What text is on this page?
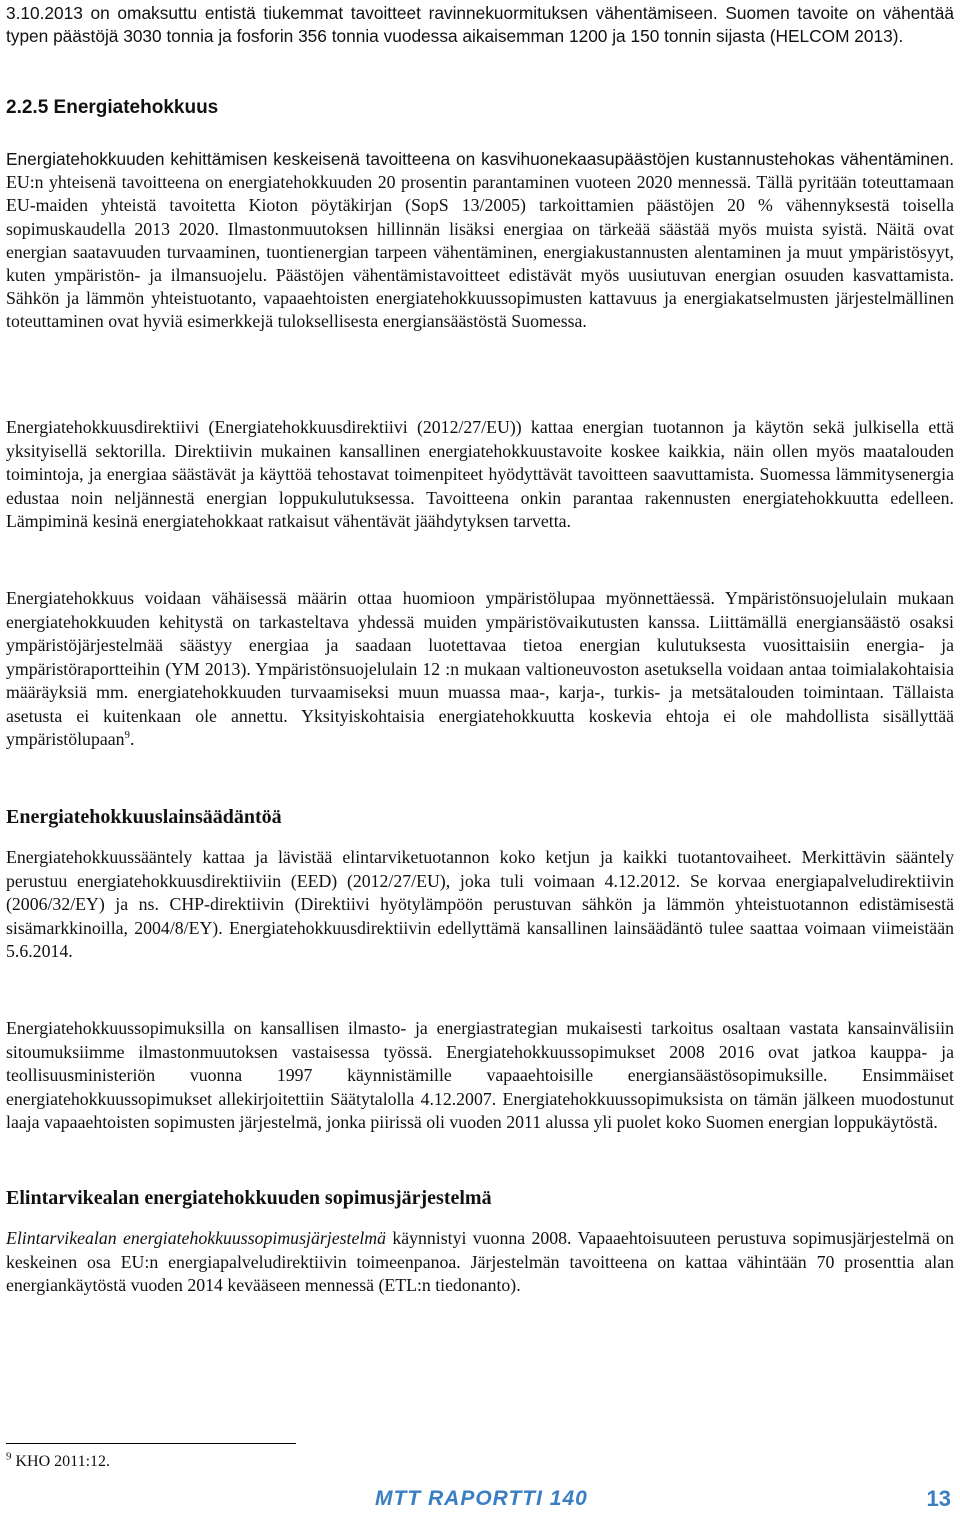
3.10.2013 on omaksuttu entistä tiukemmat tavoitteet ravinnekuormituksen vähentämiseen. Suomen tavoite on vähentää typen päästöjä 3030 tonnia ja fosforin 356 tonnia vuodessa aikaisemman 1200 ja 150 tonnin sijasta (HELCOM 2013).
2.2.5 Energiatehokkuus
Energiatehokkuuden kehittämisen keskeisenä tavoitteena on kasvihuonekaasupäästöjen kustannustehokas vähentäminen. EU:n yhteisenä tavoitteena on energiatehokkuuden 20 prosentin parantaminen vuoteen 2020 mennessä. Tällä pyritään toteuttamaan EU-maiden yhteistä tavoitetta Kioton pöytäkirjan (SopS 13/2005) tarkoittamien päästöjen 20 % vähennyksestä toisella sopimuskaudella 2013 2020. Ilmastonmuutoksen hillinnän lisäksi energiaa on tärkeää säästää myös muista syistä. Näitä ovat energian saatavuuden turvaaminen, tuontienergian tarpeen vähentäminen, energiakustannusten alentaminen ja muut ympäristösyyt, kuten ympäristön- ja ilmansuojelu. Päästöjen vähentämistavoitteet edistävät myös uusiutuvan energian osuuden kasvattamista. Sähkön ja lämmön yhteistuotanto, vapaaehtoisten energiatehokkuussopimusten kattavuus ja energiakatselmusten järjestelmällinen toteuttaminen ovat hyviä esimerkkejä tuloksellisesta energiansäästöstä Suomessa.
Energiatehokkuusdirektiivi (Energiatehokkuusdirektiivi (2012/27/EU)) kattaa energian tuotannon ja käytön sekä julkisella että yksityisellä sektorilla. Direktiivin mukainen kansallinen energiatehokkuustavoite koskee kaikkia, näin ollen myös maatalouden toimintoja, ja energiaa säästävät ja käyttöä tehostavat toimenpiteet hyödyttävät tavoitteen saavuttamista. Suomessa lämmitysenergia edustaa noin neljännestä energian loppukulutuksessa. Tavoitteena onkin parantaa rakennusten energiatehokkuutta edelleen. Lämpiminä kesinä energiatehokkaat ratkaisut vähentävät jäähdytyksen tarvetta.
Energiatehokkuus voidaan vähäisessä määrin ottaa huomioon ympäristölupaa myönnettäessä. Ympäristönsuojelulain mukaan energiatehokkuuden kehitystä on tarkasteltava yhdessä muiden ympäristövaikutusten kanssa. Liittämällä energiansäästö osaksi ympäristöjärjestelmää säästyy energiaa ja saadaan luotettavaa tietoa energian kulutuksesta vuosittaisiin energia- ja ympäristöraportteihin (YM 2013). Ympäristönsuojelulain 12 :n mukaan valtioneuvoston asetuksella voidaan antaa toimialakohtaisia määräyksiä mm. energiatehokkuuden turvaamiseksi muun muassa maa-, karja-, turkis- ja metsätalouden toimintaan. Tällaista asetusta ei kuitenkaan ole annettu. Yksityiskohtaisia energiatehokkuutta koskevia ehtoja ei ole mahdollista sisällyttää ympäristölupaan$^9$.
Energiatehokkuuslainsäädäntöä
Energiatehokkuussääntely kattaa ja lävistää elintarviketuotannon koko ketjun ja kaikki tuotantovaiheet. Merkittävin sääntely perustuu energiatehokkuusdirektiiviin (EED) (2012/27/EU), joka tuli voimaan 4.12.2012. Se korvaa energiapalveludirektiivin (2006/32/EY) ja ns. CHP-direktiivin (Direktiivi hyötylämpöön perustuvan sähkön ja lämmön yhteistuotannon edistämisestä sisämarkkinoilla, 2004/8/EY). Energiatehokkuusdirektiivin edellyttämä kansallinen lainsäädäntö tulee saattaa voimaan viimeistään 5.6.2014.
Energiatehokkuussopimuksilla on kansallisen ilmasto- ja energiastrategian mukaisesti tarkoitus osaltaan vastata kansainvälisiin sitoumuksiimme ilmastonmuutoksen vastaisessa työssä. Energiatehokkuussopimukset 2008 2016 ovat jatkoa kauppa- ja teollisuusministeriön vuonna 1997 käynnistämille vapaaehtoisille energiansäästösopimuksille. Ensimmäiset energiatehokkuussopimukset allekirjoitettiin Säätytalolla 4.12.2007. Energiatehokkuussopimuksista on tämän jälkeen muodostunut laaja vapaaehtoisten sopimusten järjestelmä, jonka piirissä oli vuoden 2011 alussa yli puolet koko Suomen energian loppukäytöstä.
Elintarvikealan energiatehokkuuden sopimusjärjestelmä
Elintarvikealan energiatehokkuussopimusjärjestelmä käynnistyi vuonna 2008. Vapaaehtoisuuteen perustuva sopimusjärjestelmä on keskeinen osa EU:n energiapalveludirektiivin toimeenpanoa. Järjestelmän tavoitteena on kattaa vähintään 70 prosenttia alan energiankäytöstä vuoden 2014 kevääseen mennessä (ETL:n tiedonanto).
$^9$ KHO 2011:12.
MTT RAPORTTI 140	13
